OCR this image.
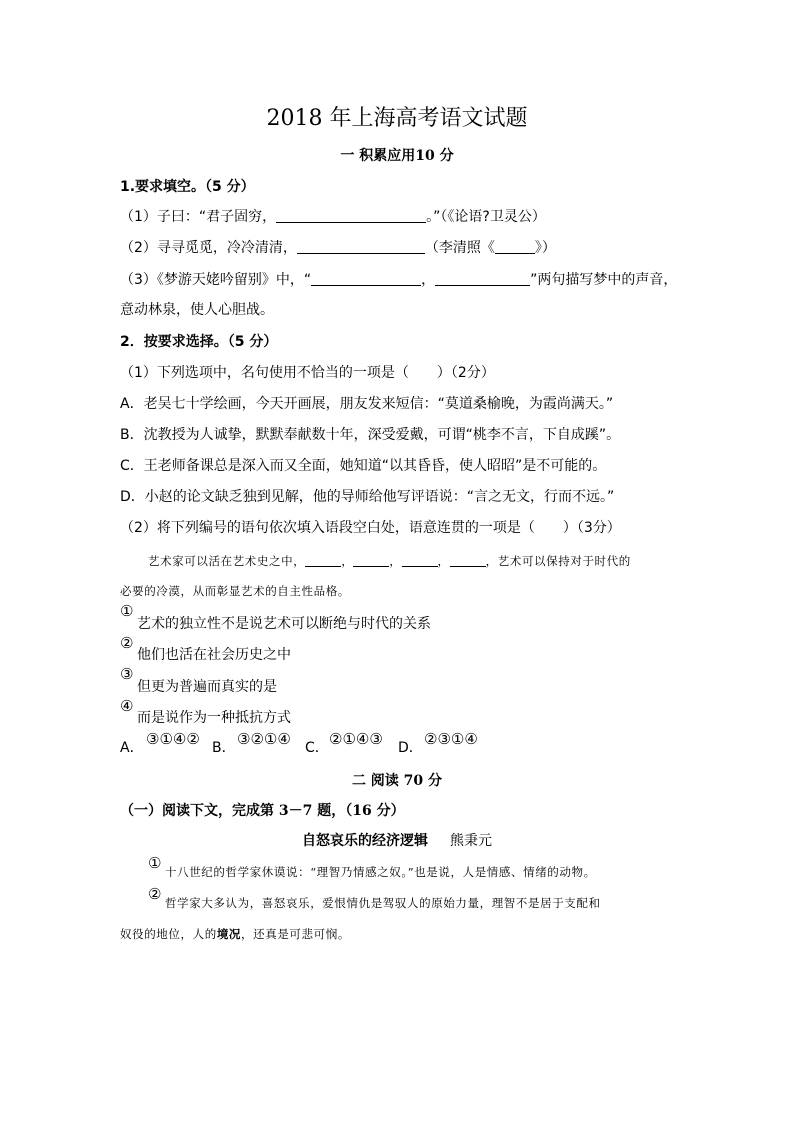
2018 年上海高考语文试题
一 积累应用10 分
1.要求填空。（5 分）
（1）子曰：“君子固穷，	。”（《论语?卫灵公）
（2）寻寻觅觅，冷冷清清，	（李清照《	》）
（3）《梦游天姥吟留别》中，“	，	”两句描写梦中的声音，
意动林泉，使人心胆战。
2．按要求选择。（5 分）
（1）下列选项中，名句使用不恰当的一项是（　　）（2分）
A．老吴七十学绘画，今天开画展，朋友发来短信：“莫道桑榆晚，为霞尚满天。”
B．沈教授为人诚挚，默默奉献数十年，深受爱戴，可谓“桃李不言，下自成蹊”。
C．王老师备课总是深入而又全面，她知道“以其昏昏，使人昭昭”是不可能的。
D．小赵的论文缺乏独到见解，他的导师给他写评语说：“言之无文，行而不远。”
（2）将下列编号的语句依次填入语段空白处，语意连贯的一项是（　　）（3分）
艺术家可以活在艺术史之中，	，	，	，	，艺术可以保持对于时代的
必要的冷漠，从而彰显艺术的自主性品格。
①
艺术的独立性不是说艺术可以断绝与时代的关系
②
他们也活在社会历史之中
③
但更为普遍而真实的是
④
而是说作为一种抵抗方式
A． ③①④② B． ③②①④ C． ②①④③ D． ②③①④
二 阅读 70 分
（一）阅读下文，完成第 3－7 题，（16 分）
自怒哀乐的经济逻辑 熊秉元
① 十八世纪的哲学家休谟说：“理智乃情感之奴。”也是说，人是情感、情绪的动物。
② 哲学家大多认为，喜怒哀乐，爱恨情仇是驾驭人的原始力量，理智不是居于支配和
奴役的地位，人的境况，还真是可悲可悯。
